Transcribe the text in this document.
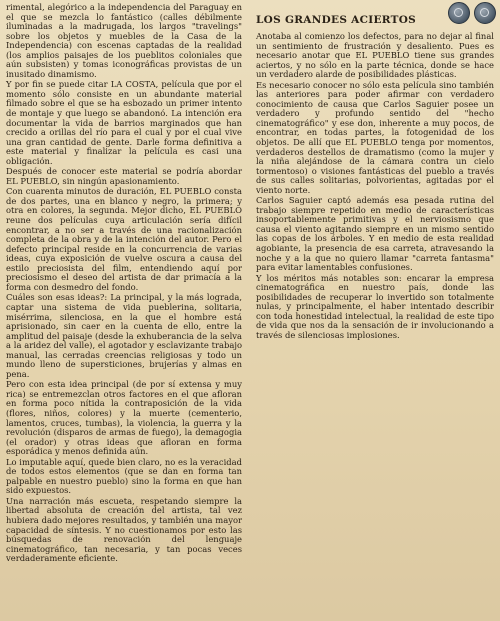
rimental, alegórico a la independencia del Paraguay en el que se mezcla lo fantástico (calles débilmente iluminadas a la madrugada, los largos "travelings" sobre los objetos y muebles de la Casa de la Independencia) con escenas captadas de la realidad (los amplios paisajes de los pueblitos coloniales que aún subsisten) y tomas iconográficas provistas de un inusitado dinamismo.

Y por fin se puede citar LA COSTA, película que por el momento sólo consiste en un abundante material filmado sobre el que se ha esbozado un primer intento de montaje y que luego se abandonó. La intención era documentar la vida de barrios marginados que han crecido a orillas del río para el cual y por el cual vive una gran cantidad de gente. Darle forma definitiva a este material y finalizar la película es casi una obligación.

Después de conocer este material se podría abordar EL PUEBLO, sin ningún apasionamiento.

Con cuarenta minutos de duración, EL PUEBLO consta de dos partes, una en blanco y negro, la primera; y otra en colores, la segunda. Mejor dicho, EL PUEBLO reune dos películas cuya articulación sería difícil encontrar, a no ser a través de una racionalización completa de la obra y de la intención del autor. Pero el defecto principal reside en la concurrencia de varias ideas, cuya exposición de vuelve oscura a causa del estilo preciosista del film, entendiendo aquí por preciosismo el deseo del artista de dar primacía a la forma con desmedro del fondo.

Cuáles son esas ideas?: La principal, y la más lograda, captar una sistema de vida pueblerina, solitaria, misérrima, silenciosa, en la que el hombre está aprisionado, sin caer en la cuenta de ello, entre la amplitud del paisaje (desde la exhuberancia de la selva a la aridez del valle), el agotador y esclavizante trabajo manual, las cerradas creencias religiosas y todo un mundo lleno de supersticiones, brujerías y almas en pena.

Pero con esta idea principal (de por sí extensa y muy rica) se entremezclan otros factores en el que afloran en forma poco nítida la contraposición de la vida (flores, niños, colores) y la muerte (cementerio, lamentos, cruces, tumbas), la violencia, la guerra y la revolución (disparos de armas de fuego), la demagogia (el orador) y otras ideas que afloran en forma esporádica y menos definida aún.

Lo imputable aquí, quede bien claro, no es la veracidad de todos estos elementos (que se dan en forma tan palpable en nuestro pueblo) sino la forma en que han sido expuestos.

Una narración más escueta, respetando siempre la libertad absoluta de creación del artista, tal vez hubiera dado mejores resultados, y también una mayor capacidad de síntesis. Y no cuestionamos por esto las búsquedas de renovación del lenguaje cinematográfico, tan necesaria, y tan pocas veces verdaderamente eficiente.

LOS GRANDES ACIERTOS

Anotaba al comienzo los defectos, para no dejar al final un sentimiento de frustración y desaliento. Pues es necesario anotar que EL PUEBLO tiene sus grandes aciertos, y no sólo en la parte técnica, donde se hace un verdadero alarde de posibilidades plásticas.

Es necesario conocer no sólo esta película sino también las anteriores para poder afirmar con verdadero conocimiento de causa que Carlos Saguier posee un verdadero y profundo sentido del "hecho cinematográfico" y ese don, inherente a muy pocos, de encontrar, en todas partes, la fotogenidad de los objetos. De allí que EL PUEBLO tenga por momentos, verdaderos destellos de dramatismo (como la mujer y la niña alejándose de la cámara contra un cielo tormentoso) o visiones fantásticas del pueblo a través de sus calles solitarias, polvorientas, agitadas por el viento norte.

Carlos Saguier captó además esa pesada rutina del trabajo siempre repetido en medio de características insoportablemente primitivas y el nerviosismo que causa el viento agitando siempre en un mismo sentido las copas de los árboles. Y en medio de esta realidad agobiante, la presencia de esa carreta, atravesando la noche y a la que no quiero llamar "carreta fantasma" para evitar lamentables confusiones.

Y los méritos más notables son: encarar la empresa cinematográfica en nuestro país, donde las posibilidades de recuperar lo invertido son totalmente nulas, y principalmente, el haber intentado describir con toda honestidad intelectual, la realidad de este tipo de vida que nos da la sensación de ir involucionando a través de silenciosas implosiones.
